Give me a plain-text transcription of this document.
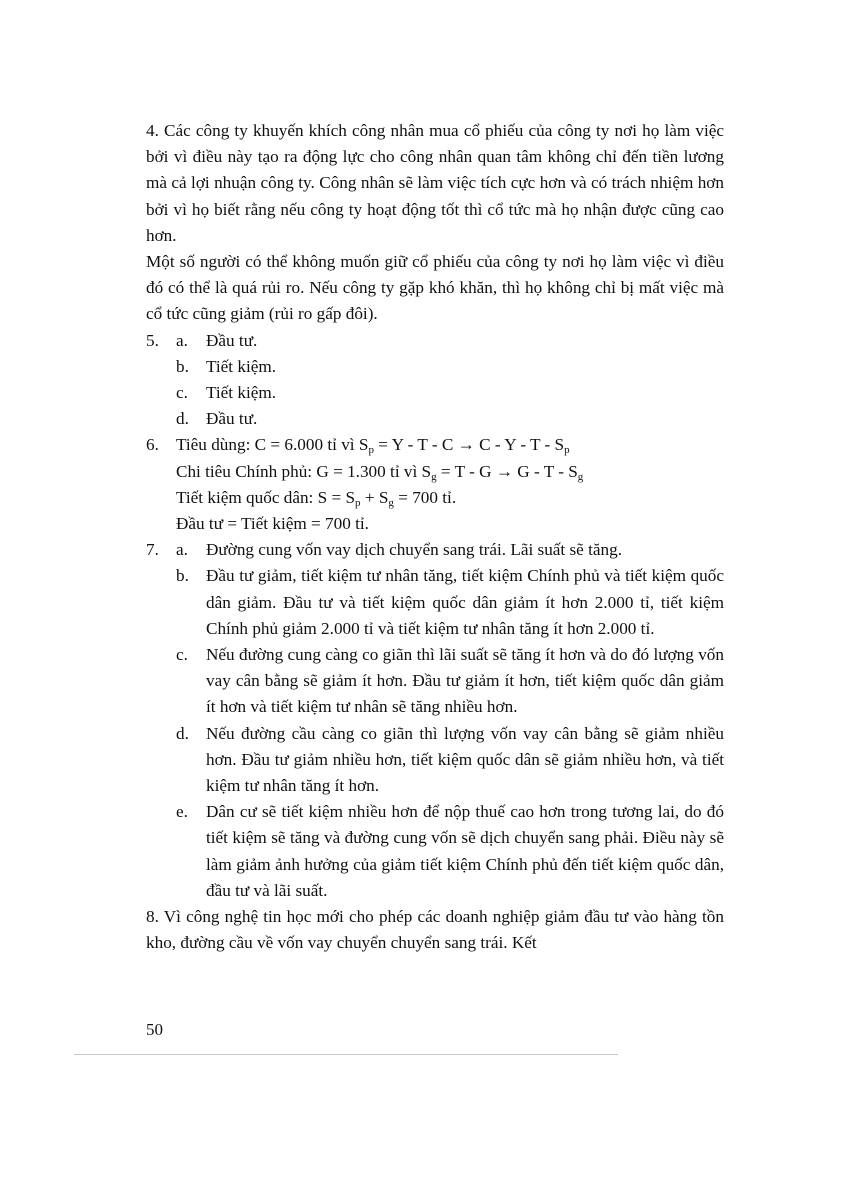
4. Các công ty khuyến khích công nhân mua cổ phiếu của công ty nơi họ làm việc bởi vì điều này tạo ra động lực cho công nhân quan tâm không chỉ đến tiền lương mà cả lợi nhuận công ty. Công nhân sẽ làm việc tích cực hơn và có trách nhiệm hơn bởi vì họ biết rằng nếu công ty hoạt động tốt thì cổ tức mà họ nhận được cũng cao hơn.

Một số người có thể không muốn giữ cổ phiếu của công ty nơi họ làm việc vì điều đó có thể là quá rủi ro. Nếu công ty gặp khó khăn, thì họ không chỉ bị mất việc mà cổ tức cũng giảm (rủi ro gấp đôi).

5. a.	Đầu tư.
b. Tiết kiệm.
c.	Tiết kiệm.
d. Đầu tư.
6. Tiêu dùng: C = 6.000 tỉ vì $S_p = Y - T - C \to C - Y - T - S_p$
Chi tiêu Chính phủ: G = 1.300 tỉ vì $S_g = T - G \to G - T - S_g$
Tiết kiệm quốc dân: $S = S_p + S_g = 700$ tỉ.
Đầu tư = Tiết kiệm = 700 tỉ.
7. a.	Đường cung vốn vay dịch chuyển sang trái. Lãi suất sẽ tăng.
b. Đầu tư giảm, tiết kiệm tư nhân tăng, tiết kiệm Chính phủ và tiết kiệm quốc dân giảm. Đầu tư và tiết kiệm quốc dân giảm ít hơn 2.000 tỉ, tiết kiệm Chính phủ giảm 2.000 tỉ và tiết kiệm tư nhân tăng ít hơn 2.000 tỉ.
c.	Nếu đường cung càng co giãn thì lãi suất sẽ tăng ít hơn và do đó lượng vốn vay cân bằng sẽ giảm ít hơn. Đầu tư giảm ít hơn, tiết kiệm quốc dân giảm ít hơn và tiết kiệm tư nhân sẽ tăng nhiều hơn.
d. Nếu đường cầu càng co giãn thì lượng vốn vay cân bằng sẽ giảm nhiều hơn. Đầu tư giảm nhiều hơn, tiết kiệm quốc dân sẽ giảm nhiều hơn, và tiết kiệm tư nhân tăng ít hơn.
e.	Dân cư sẽ tiết kiệm nhiều hơn để nộp thuế cao hơn trong tương lai, do đó tiết kiệm sẽ tăng và đường cung vốn sẽ dịch chuyển sang phải. Điều này sẽ làm giảm ảnh hưởng của giảm tiết kiệm Chính phủ đến tiết kiệm quốc dân, đầu tư và lãi suất.

8. Vì công nghệ tin học mới cho phép các doanh nghiệp giảm đầu tư vào hàng tồn kho, đường cầu về vốn vay chuyển chuyển sang trái. Kết

50
